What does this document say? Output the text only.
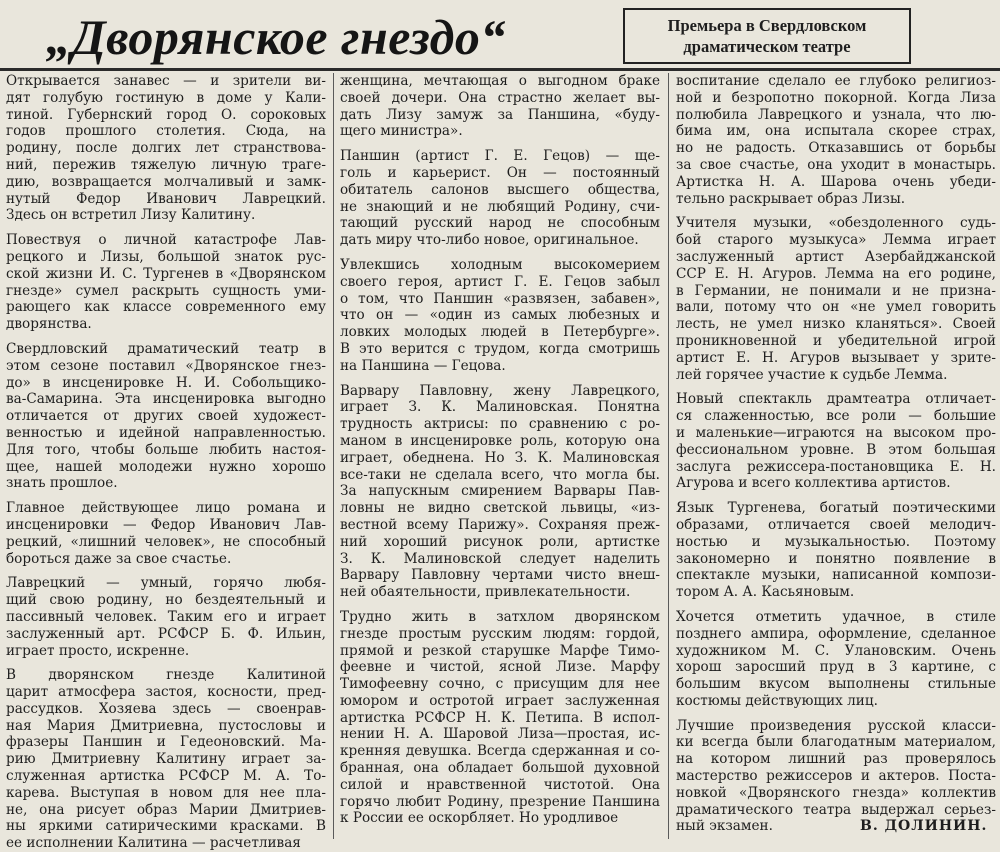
„Дворянское гнездо“	Премьера в Свердловском
драматическом театре
Открывается занавес — и зрители ви-
дят голубую гостиную в доме у Кали-
тиной. Губернский город О. сороковых
годов прошлого столетия. Сюда, на
родину, после долгих лет странствова-
ний, пережив тяжелую личную траге-
дию, возвращается молчаливый и замк-
нутый Федор Иванович Лаврецкий.
Здесь он встретил Лизу Калитину.
Повествуя о личной катастрофе Лав-
рецкого и Лизы, большой знаток рус-
ской жизни И. С. Тургенев в «Дворянском
гнезде» сумел раскрыть сущность уми-
рающего как классе современного ему
дворянства.
Свердловский драматический театр в
этом сезоне поставил «Дворянское гнез-
до» в инсценировке Н. И. Собольщико-
ва-Самарина. Эта инсценировка выгодно
отличается от других своей художест-
венностью и идейной направленностью.
Для того, чтобы больше любить настоя-
щее, нашей молодежи нужно хорошо
знать прошлое.
Главное действующее лицо романа и
инсценировки — Федор Иванович Лав-
рецкий, «лишний человек», не способный
бороться даже за свое счастье.
Лаврецкий — умный, горячо любя-
щий свою родину, но бездеятельный и
пассивный человек. Таким его и играет
заслуженный арт. РСФСР Б. Ф. Ильин,
играет просто, искренне.
В дворянском гнезде Калитиной
царит атмосфера застоя, косности, пред-
рассудков. Хозяева здесь — своенрав-
ная Мария Дмитриевна, пустословы и
фразеры Паншин и Гедеоновский. Ма-
рию Дмитриевну Калитину играет за-
служенная артистка РСФСР М. А. То-
карева. Выступая в новом для нее пла-
не, она рисует образ Марии Дмитриев-
ны яркими сатирическими красками. В
ее исполнении Калитина — расчетливая
женщина, мечтающая о выгодном браке
своей дочери. Она страстно желает вы-
дать Лизу замуж за Паншина, «буду-
щего министра».
Паншин (артист Г. Е. Гецов) — ще-
голь и карьерист. Он — постоянный
обитатель салонов высшего общества,
не знающий и не любящий Родину, счи-
тающий русский народ не способным
дать миру что-либо новое, оригинальное.
Увлекшись холодным высокомерием
своего героя, артист Г. Е. Гецов забыл
о том, что Паншин «развязен, забавен»,
что он — «один из самых любезных и
ловких молодых людей в Петербурге».
В это верится с трудом, когда смотришь
на Паншина — Гецова.
Варвару Павловну, жену Лаврецкого,
играет З. К. Малиновская. Понятна
трудность актрисы: по сравнению с ро-
маном в инсценировке роль, которую она
играет, обеднена. Но З. К. Малиновская
все-таки не сделала всего, что могла бы.
За напускным смирением Варвары Пав-
ловны не видно светской львицы, «из-
вестной всему Парижу». Сохраняя преж-
ний хороший рисунок роли, артистке
З. К. Малиновской следует наделить
Варвару Павловну чертами чисто внеш-
ней обаятельности, привлекательности.
Трудно жить в затхлом дворянском
гнезде простым русским людям: гордой,
прямой и резкой старушке Марфе Тимо-
феевне и чистой, ясной Лизе. Марфу
Тимофеевну сочно, с присущим для нее
юмором и остротой играет заслуженная
артистка РСФСР Н. К. Петипа. В испол-
нении Н. А. Шаровой Лиза—простая, ис-
кренняя девушка. Всегда сдержанная и со-
бранная, она обладает большой духовной
силой и нравственной чистотой. Она
горячо любит Родину, презрение Паншина
к России ее оскорбляет. Но уродливое
воспитание сделало ее глубоко религиоз-
ной и безропотно покорной. Когда Лиза
полюбила Лаврецкого и узнала, что лю-
бима им, она испытала скорее страх,
но не радость. Отказавшись от борьбы
за свое счастье, она уходит в монастырь.
Артистка Н. А. Шарова очень убеди-
тельно раскрывает образ Лизы.
Учителя музыки, «обездоленного судь-
бой старого музыкуса» Лемма играет
заслуженный артист Азербайджанской
ССР Е. Н. Агуров. Лемма на его родине,
в Германии, не понимали и не призна-
вали, потому что он «не умел говорить
лесть, не умел низко кланяться». Своей
проникновенной и убедительной игрой
артист Е. Н. Агуров вызывает у зрите-
лей горячее участие к судьбе Лемма.
Новый спектакль драмтеатра отличает-
ся слаженностью, все роли — большие
и маленькие—играются на высоком про-
фессиональном уровне. В этом большая
заслуга режиссера-постановщика Е. Н.
Агурова и всего коллектива артистов.
Язык Тургенева, богатый поэтическими
образами, отличается своей мелодич-
ностью и музыкальностью. Поэтому
закономерно и понятно появление в
спектакле музыки, написанной компози-
тором А. А. Касьяновым.
Хочется отметить удачное, в стиле
позднего ампира, оформление, сделанное
художником М. С. Улановским. Очень
хорош заросший пруд в 3 картине, с
большим вкусом выполнены стильные
костюмы действующих лиц.
Лучшие произведения русской класси-
ки всегда были благодатным материалом,
на котором лишний раз проверялось
мастерство режиссеров и актеров. Поста-
новкой «Дворянского гнезда» коллектив
драматического театра выдержал серьез-
ный экзамен.	В. ДОЛИНИН.
